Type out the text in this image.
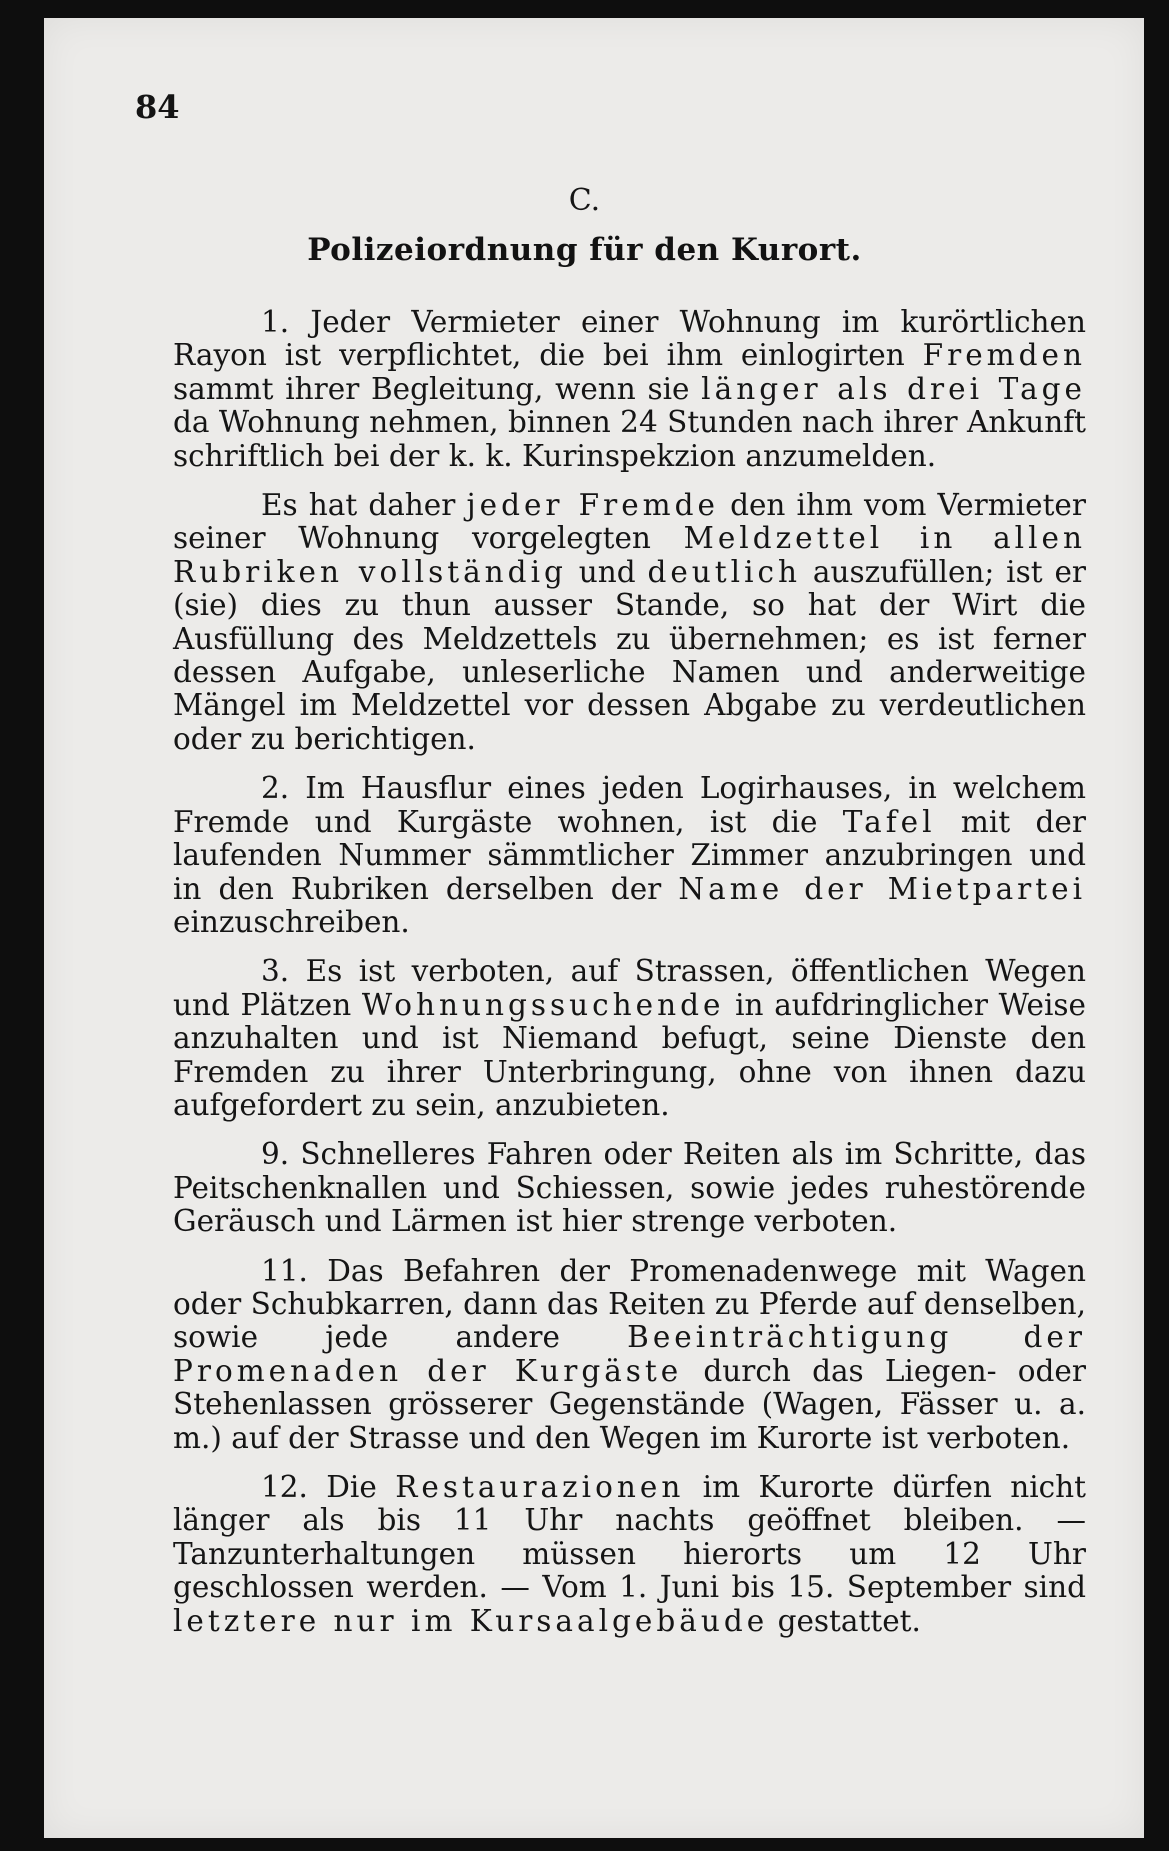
84
C.
Polizeiordnung für den Kurort.

1. Jeder Vermieter einer Wohnung im kurörtlichen Rayon ist verpflichtet, die bei ihm einlogirten Fremden sammt ihrer Begleitung, wenn sie länger als drei Tage da Wohnung nehmen, binnen 24 Stunden nach ihrer Ankunft schriftlich bei der k. k. Kurinspekzion anzumelden.

Es hat daher jeder Fremde den ihm vom Vermieter seiner Wohnung vorgelegten Meldzettel in allen Rubriken vollständig und deutlich auszufüllen; ist er (sie) dies zu thun ausser Stande, so hat der Wirt die Ausfüllung des Meldzettels zu übernehmen; es ist ferner dessen Aufgabe, unleserliche Namen und anderweitige Mängel im Meldzettel vor dessen Abgabe zu verdeutlichen oder zu berichtigen.

2. Im Hausflur eines jeden Logirhauses, in welchem Fremde und Kurgäste wohnen, ist die Tafel mit der laufenden Nummer sämmtlicher Zimmer anzubringen und in den Rubriken derselben der Name der Mietpartei einzuschreiben.

3. Es ist verboten, auf Strassen, öffentlichen Wegen und Plätzen Wohnungssuchende in aufdringlicher Weise anzuhalten und ist Niemand befugt, seine Dienste den Fremden zu ihrer Unterbringung, ohne von ihnen dazu aufgefordert zu sein, anzubieten.

9. Schnelleres Fahren oder Reiten als im Schritte, das Peitschenknallen und Schiessen, sowie jedes ruhestörende Geräusch und Lärmen ist hier strenge verboten.

11. Das Befahren der Promenadenwege mit Wagen oder Schubkarren, dann das Reiten zu Pferde auf denselben, sowie jede andere Beeinträchtigung der Promenaden der Kurgäste durch das Liegen- oder Stehenlassen grösserer Gegenstände (Wagen, Fässer u. a. m.) auf der Strasse und den Wegen im Kurorte ist verboten.

12. Die Restaurazionen im Kurorte dürfen nicht länger als bis 11 Uhr nachts geöffnet bleiben. — Tanzunterhaltungen müssen hierorts um 12 Uhr geschlossen werden. — Vom 1. Juni bis 15. September sind letztere nur im Kursaalgebäude gestattet.
